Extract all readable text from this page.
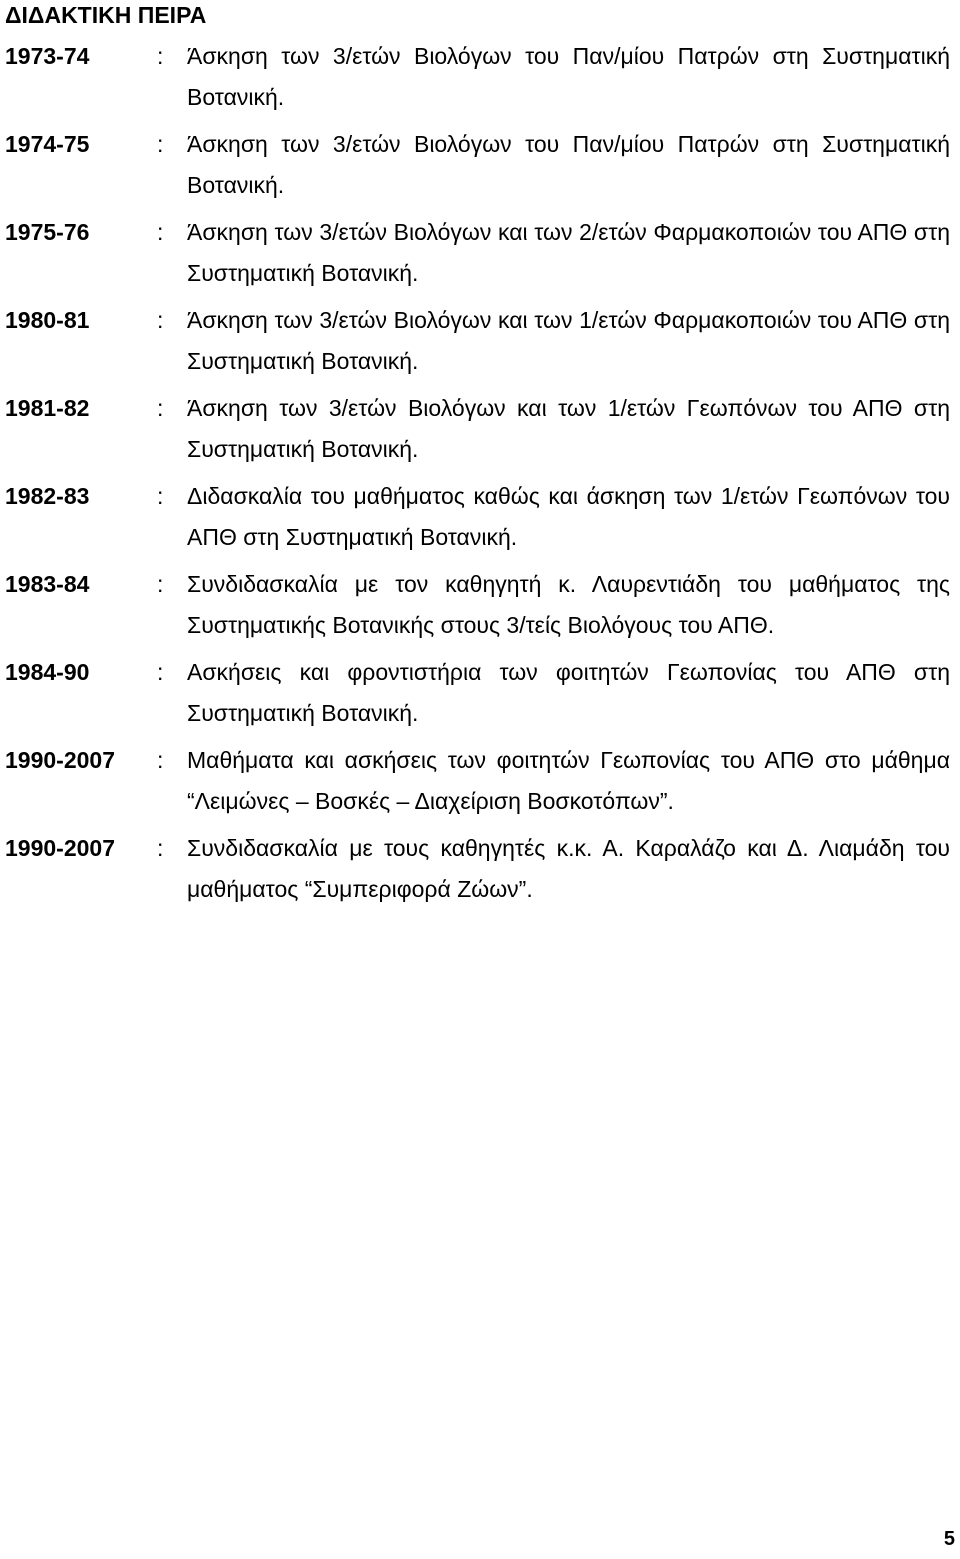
ΔΙΔΑΚΤΙΚΗ ΠΕΙΡΑ
1973-74	: Άσκηση των 3/ετών Βιολόγων του Παν/μίου Πατρών στη Συστηματική Βοτανική.
1974-75	: Άσκηση των 3/ετών Βιολόγων του Παν/μίου Πατρών στη Συστηματική Βοτανική.
1975-76	: Άσκηση των 3/ετών Βιολόγων και των 2/ετών Φαρμακοποιών του ΑΠΘ στη Συστηματική Βοτανική.
1980-81	: Άσκηση των 3/ετών Βιολόγων και των 1/ετών Φαρμακοποιών του ΑΠΘ στη Συστηματική Βοτανική.
1981-82	: Άσκηση των 3/ετών Βιολόγων και των 1/ετών Γεωπόνων του ΑΠΘ στη Συστηματική Βοτανική.
1982-83	: Διδασκαλία του μαθήματος καθώς και άσκηση των 1/ετών Γεωπόνων του ΑΠΘ στη Συστηματική Βοτανική.
1983-84	: Συνδιδασκαλία με τον καθηγητή κ. Λαυρεντιάδη του μαθήματος της Συστηματικής Βοτανικής στους 3/τείς Βιολόγους του ΑΠΘ.
1984-90	: Ασκήσεις και φροντιστήρια των φοιτητών Γεωπονίας του ΑΠΘ στη Συστηματική Βοτανική.
1990-2007 : Μαθήματα και ασκήσεις των φοιτητών Γεωπονίας του ΑΠΘ στο μάθημα “Λειμώνες – Βοσκές – Διαχείριση Βοσκοτόπων”.
1990-2007 : Συνδιδασκαλία με τους καθηγητές κ.κ. Α. Καραλάζο και Δ. Λιαμάδη του μαθήματος “Συμπεριφορά Ζώων”.
5
